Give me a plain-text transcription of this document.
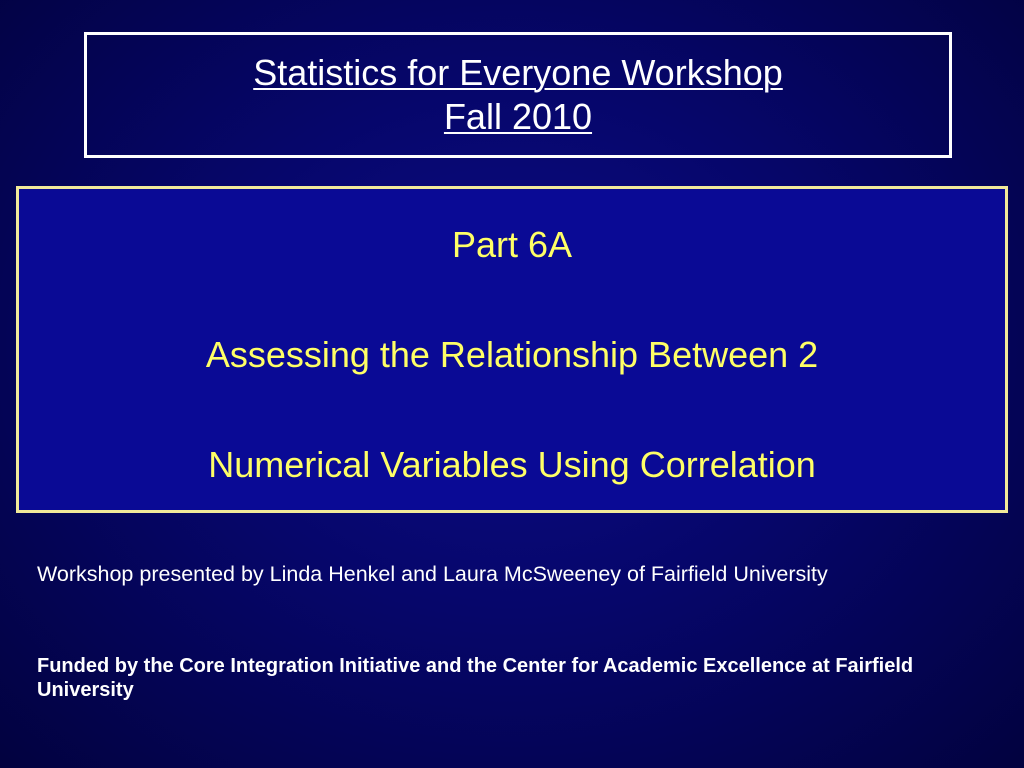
Statistics for Everyone Workshop
Fall 2010
Part 6A
Assessing the Relationship Between 2
Numerical Variables Using Correlation
Workshop presented by Linda Henkel and Laura McSweeney of Fairfield University
Funded by the Core Integration Initiative and the Center for Academic Excellence at Fairfield University
